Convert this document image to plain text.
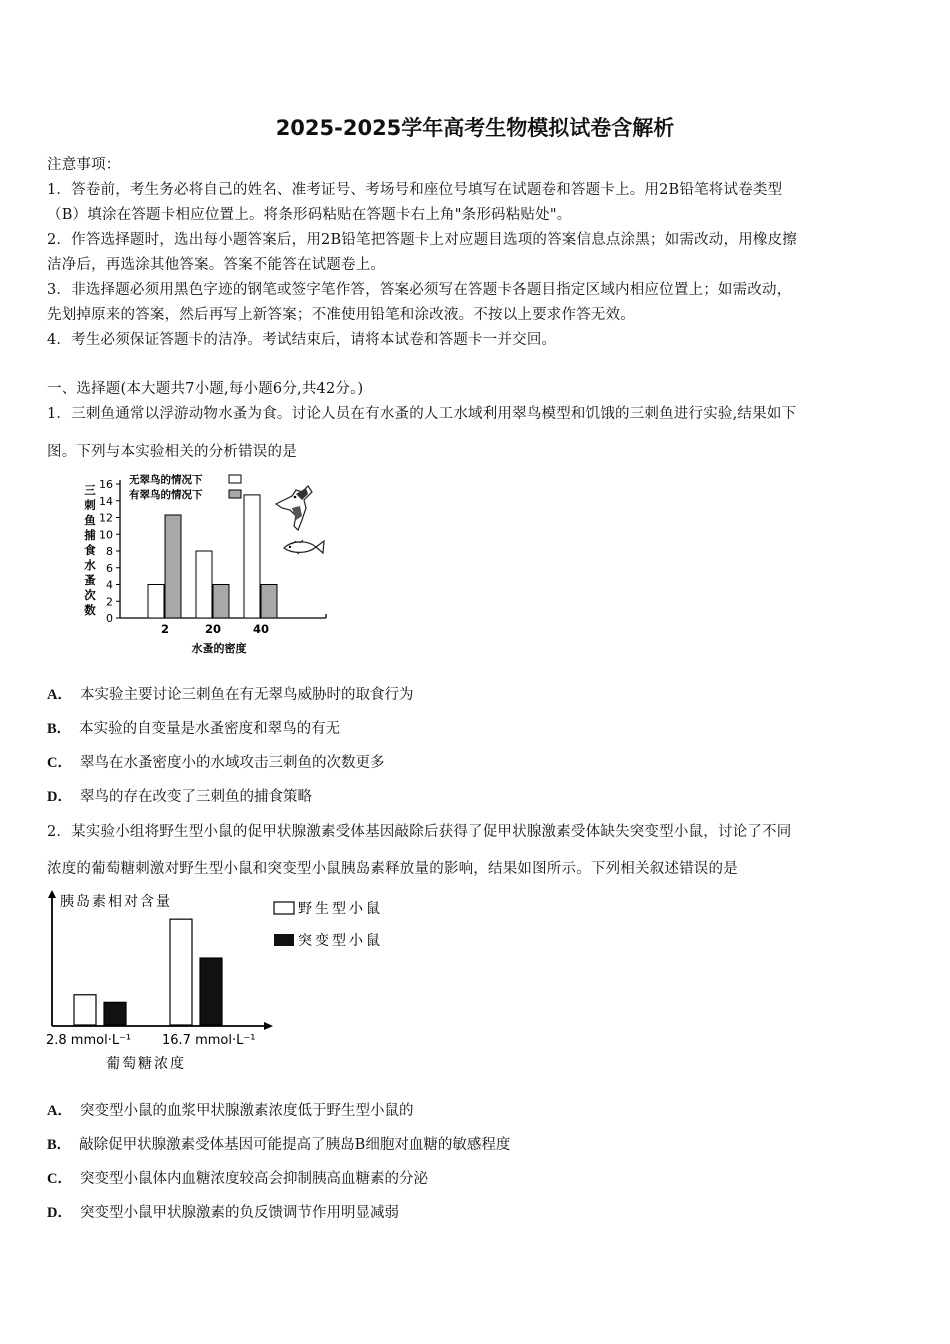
2025-2025学年高考生物模拟试卷含解析
注意事项：
1．答卷前，考生务必将自己的姓名、准考证号、考场号和座位号填写在试题卷和答题卡上。用2B铅笔将试卷类型
（B）填涂在答题卡相应位置上。将条形码粘贴在答题卡右上角"条形码粘贴处"。
2．作答选择题时，选出每小题答案后，用2B铅笔把答题卡上对应题目选项的答案信息点涂黑；如需改动，用橡皮擦
洁净后，再选涂其他答案。答案不能答在试题卷上。
3．非选择题必须用黑色字迹的钢笔或签字笔作答，答案必须写在答题卡各题目指定区域内相应位置上；如需改动，
先划掉原来的答案，然后再写上新答案；不准使用铅笔和涂改液。不按以上要求作答无效。
4．考生必须保证答题卡的洁净。考试结束后，请将本试卷和答题卡一并交回。
一、选择题(本大题共7小题,每小题6分,共42分。)
1．三刺鱼通常以浮游动物水蚤为食。讨论人员在有水蚤的人工水域利用翠鸟模型和饥饿的三刺鱼进行实验,结果如下
图。下列与本实验相关的分析错误的是
三
刺
鱼
捕
食
水
蚤
次
数
0
2
4
6
8
10
12
14
16
2	20	40
水蚤的密度
无翠鸟的情况下
有翠鸟的情况下
A． 本实验主要讨论三刺鱼在有无翠鸟威胁时的取食行为
B． 本实验的自变量是水蚤密度和翠鸟的有无
C． 翠鸟在水蚤密度小的水域攻击三刺鱼的次数更多
D． 翠鸟的存在改变了三刺鱼的捕食策略
2．某实验小组将野生型小鼠的促甲状腺激素受体基因敲除后获得了促甲状腺激素受体缺失突变型小鼠，讨论了不同
浓度的葡萄糖刺激对野生型小鼠和突变型小鼠胰岛素释放量的影响，结果如图所示。下列相关叙述错误的是
胰岛素相对含量
2.8 mmol·L⁻¹ 16.7 mmol·L⁻¹
葡萄糖浓度
野生型小鼠
突变型小鼠
A． 突变型小鼠的血浆甲状腺激素浓度低于野生型小鼠的
B． 敲除促甲状腺激素受体基因可能提高了胰岛B细胞对血糖的敏感程度
C． 突变型小鼠体内血糖浓度较高会抑制胰高血糖素的分泌
D． 突变型小鼠甲状腺激素的负反馈调节作用明显减弱
